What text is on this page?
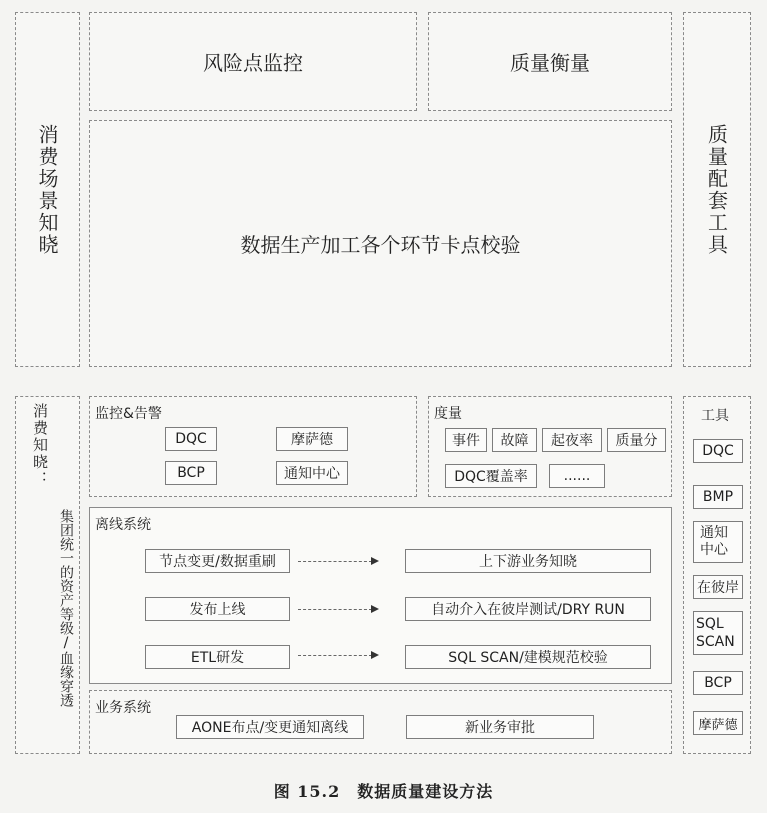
消费场景知晓
风险点监控	质量衡量
数据生产加工各个环节卡点校验	质量配套工具
消费知晓：
集团统一的资产等级/血缘穿透
监控&告警
DQC	摩萨德
BCP	通知中心
度量
事件	故障	起夜率	质量分
DQC覆盖率	......
离线系统
节点变更/数据重刷	上下游业务知晓
发布上线	自动介入在彼岸测试/DRY RUN
ETL研发	SQL SCAN/建模规范校验
业务系统
AONE布点/变更通知离线	新业务审批
工具
DQC
BMP
通知中心
在彼岸
SQL SCAN
BCP
摩萨德
图 15.2　数据质量建设方法
